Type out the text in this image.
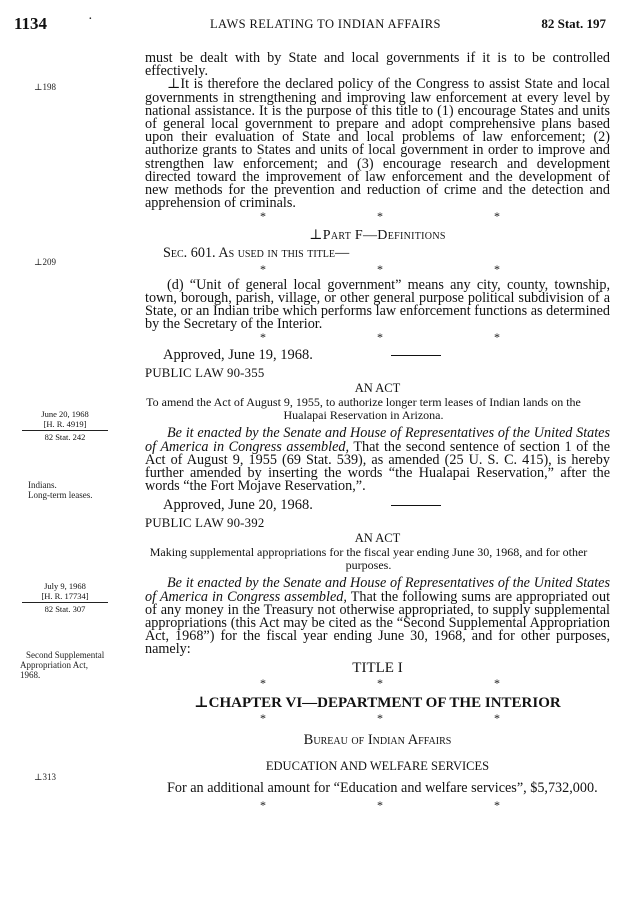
1134	·	LAWS RELATING TO INDIAN AFFAIRS	82 Stat. 197
⊥198
⊥209
June 20, 1968
[H. R. 4919]
82 Stat. 242
Indians.
Long-term leases.
July 9, 1968
[H. R. 17734]
82 Stat. 307
Second Supplemental
Appropriation Act,
1968.
⊥313

must be dealt with by State and local governments if it is to be controlled effectively.

⊥It is therefore the declared policy of the Congress to assist State and local governments in strengthening and improving law enforcement at every level by national assistance. It is the purpose of this title to (1) encourage States and units of general local government to prepare and adopt comprehensive plans based upon their evaluation of State and local problems of law enforcement; (2) authorize grants to States and units of local government in order to improve and strengthen law enforcement; and (3) encourage research and development directed toward the improvement of law enforcement and the development of new methods for the prevention and reduction of crime and the detection and apprehension of criminals.

*	*	*
⊥Part F—Definitions

Sec. 601. As used in this title—

*	*	*

(d) “Unit of general local government” means any city, county, township, town, borough, parish, village, or other general purpose political subdivision of a State, or an Indian tribe which performs law enforcement functions as determined by the Secretary of the Interior.

*	*	*
Approved, June 19, 1968.
PUBLIC LAW 90-355
AN ACT
To amend the Act of August 9, 1955, to authorize longer term leases of Indian lands on the Hualapai Reservation in Arizona.

Be it enacted by the Senate and House of Representatives of the United States of America in Congress assembled, That the second sentence of section 1 of the Act of August 9, 1955 (69 Stat. 539), as amended (25 U. S. C. 415), is hereby further amended by inserting the words “the Hualapai Reservation,” after the words “the Fort Mojave Reservation,”.

Approved, June 20, 1968.
PUBLIC LAW 90-392
AN ACT
Making supplemental appropriations for the fiscal year ending June 30, 1968, and for other purposes.

Be it enacted by the Senate and House of Representatives of the United States of America in Congress assembled, That the following sums are appropriated out of any money in the Treasury not otherwise appropriated, to supply supplemental appropriations (this Act may be cited as the “Second Supplemental Appropriation Act, 1968”) for the fiscal year ending June 30, 1968, and for other purposes, namely:

TITLE I
*	*	*
⊥CHAPTER VI—DEPARTMENT OF THE INTERIOR
*	*	*
Bureau of Indian Affairs
EDUCATION AND WELFARE SERVICES

For an additional amount for “Education and welfare services”, $5,732,000.

*	*	*
